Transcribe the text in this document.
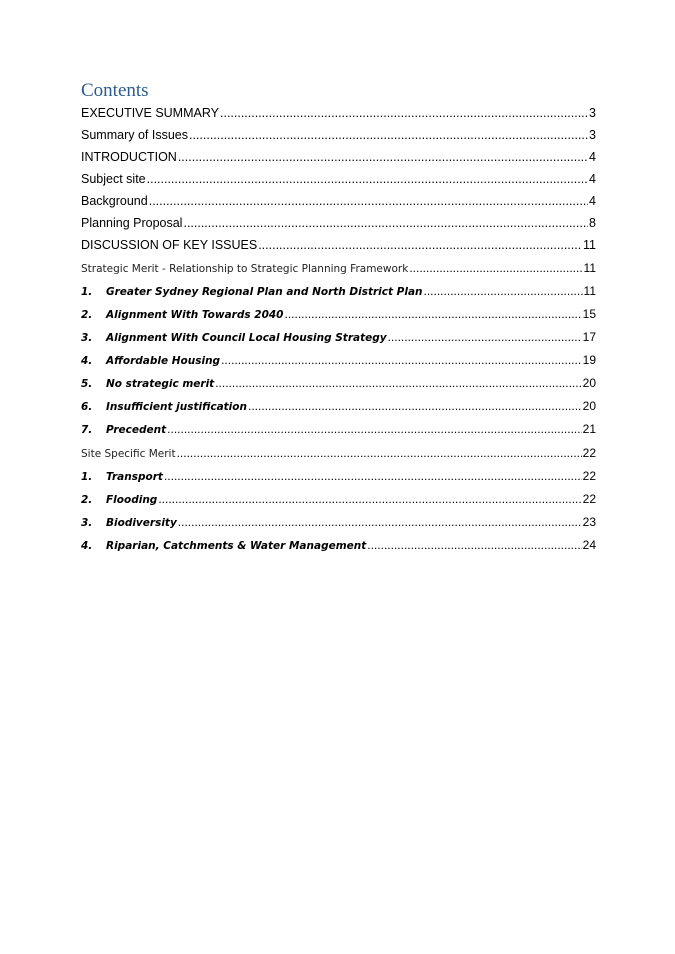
Contents
EXECUTIVE SUMMARY .....	3
Summary of Issues .....	3
INTRODUCTION .....	4
Subject site .....	4
Background .....	4
Planning Proposal .....	8
DISCUSSION OF KEY ISSUES .....	11
Strategic Merit - Relationship to Strategic Planning Framework .....	11
1.	Greater Sydney Regional Plan and North District Plan .....	11
2.	Alignment With Towards 2040 .....	15
3.	Alignment With Council Local Housing Strategy .....	17
4.	Affordable Housing .....	19
5.	No strategic merit .....	20
6.	Insufficient justification .....	20
7.	Precedent .....	21
Site Specific Merit .....	22
1.	Transport .....	22
2.	Flooding .....	22
3.	Biodiversity .....	23
4.	Riparian, Catchments & Water Management .....	24
